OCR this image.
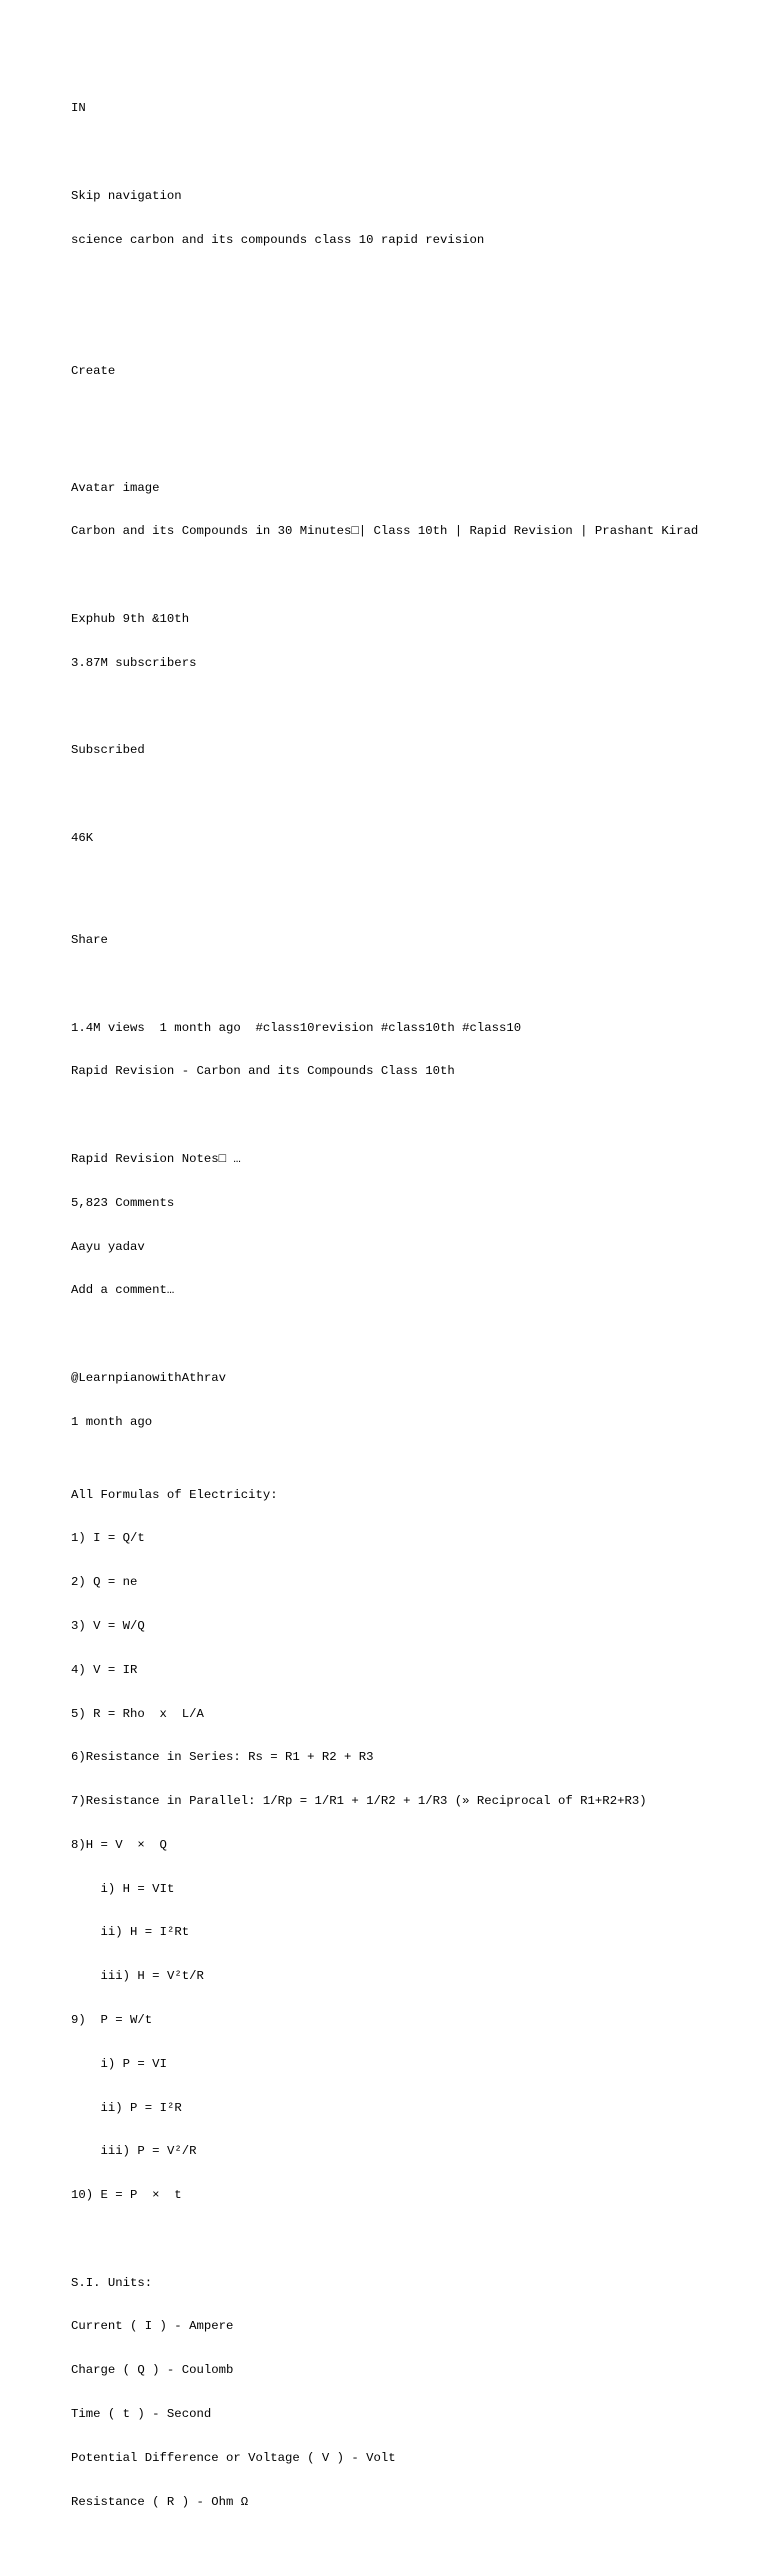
IN

Skip navigation

science carbon and its compounds class 10 rapid revision

Create

Avatar image

Carbon and its Compounds in 30 Minutes□| Class 10th | Rapid Revision | Prashant Kirad

Exphub 9th &10th

3.87M subscribers

Subscribed

46K

Share

1.4M views  1 month ago  #class10revision #class10th #class10

Rapid Revision - Carbon and its Compounds Class 10th

Rapid Revision Notes□ …

5,823 Comments

Aayu yadav

Add a comment…

@LearnpianowithAthrav

1 month ago

All Formulas of Electricity:

1) I = Q/t

2) Q = ne

3) V = W/Q

4) V = IR

5) R = Rho  x  L/A

6)Resistance in Series: Rs = R1 + R2 + R3

7)Resistance in Parallel: 1/Rp = 1/R1 + 1/R2 + 1/R3 (» Reciprocal of R1+R2+R3)

8)H = V  ×  Q

i) H = VIt

ii) H = I²Rt

iii) H = V²t/R

9)  P = W/t

i) P = VI

ii) P = I²R

iii) P = V²/R

10) E = P  ×  t

S.I. Units:

Current ( I ) - Ampere

Charge ( Q ) - Coulomb

Time ( t ) - Second

Potential Difference or Voltage ( V ) - Volt

Resistance ( R ) - Ohm Ω
